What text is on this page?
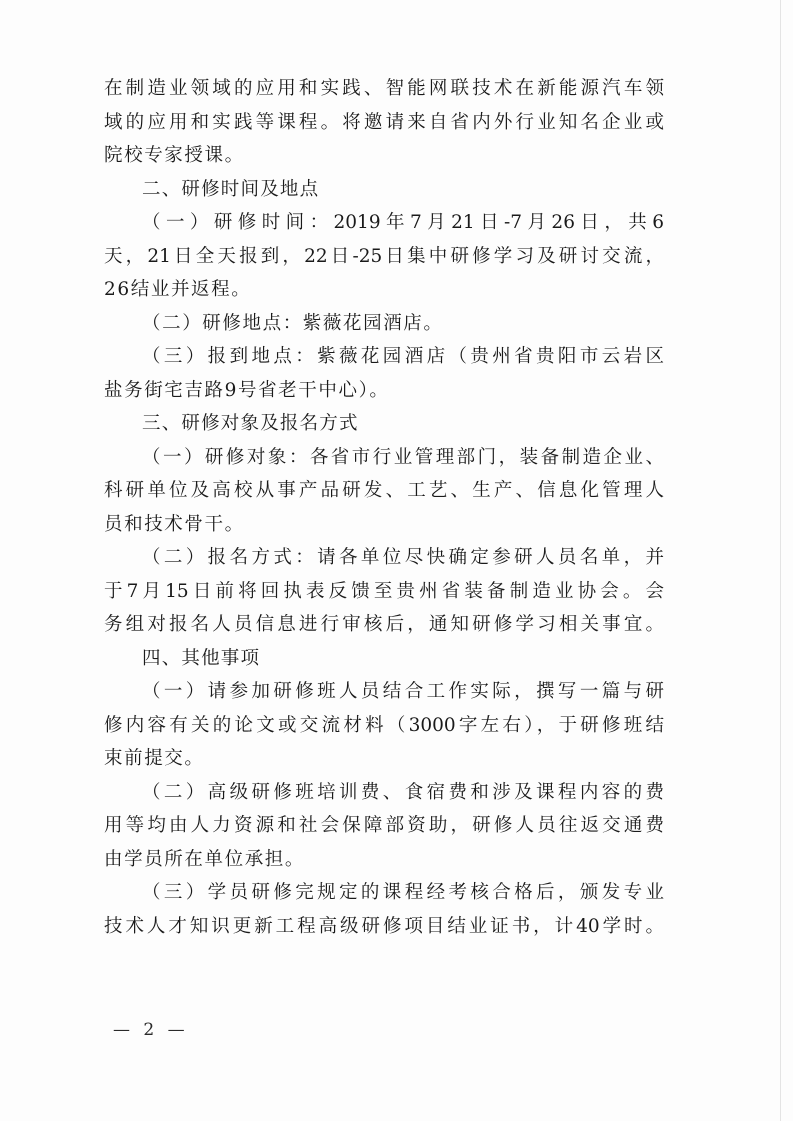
在制造业领域的应用和实践、智能网联技术在新能源汽车领
域的应用和实践等课程。将邀请来自省内外行业知名企业或
院校专家授课。
二、研修时间及地点
（一）研修时间：2019年7月21日-7月26日，共6
天，21日全天报到，22日-25日集中研修学习及研讨交流，
26结业并返程。
（二）研修地点：紫薇花园酒店。
（三）报到地点：紫薇花园酒店（贵州省贵阳市云岩区
盐务街宅吉路9号省老干中心）。
三、研修对象及报名方式
（一）研修对象：各省市行业管理部门，装备制造企业、
科研单位及高校从事产品研发、工艺、生产、信息化管理人
员和技术骨干。
（二）报名方式：请各单位尽快确定参研人员名单，并
于7月15日前将回执表反馈至贵州省装备制造业协会。会
务组对报名人员信息进行审核后，通知研修学习相关事宜。
四、其他事项
（一）请参加研修班人员结合工作实际，撰写一篇与研
修内容有关的论文或交流材料（3000字左右），于研修班结
束前提交。
（二）高级研修班培训费、食宿费和涉及课程内容的费
用等均由人力资源和社会保障部资助，研修人员往返交通费
由学员所在单位承担。
（三）学员研修完规定的课程经考核合格后，颁发专业
技术人才知识更新工程高级研修项目结业证书，计40学时。
— 2 —
